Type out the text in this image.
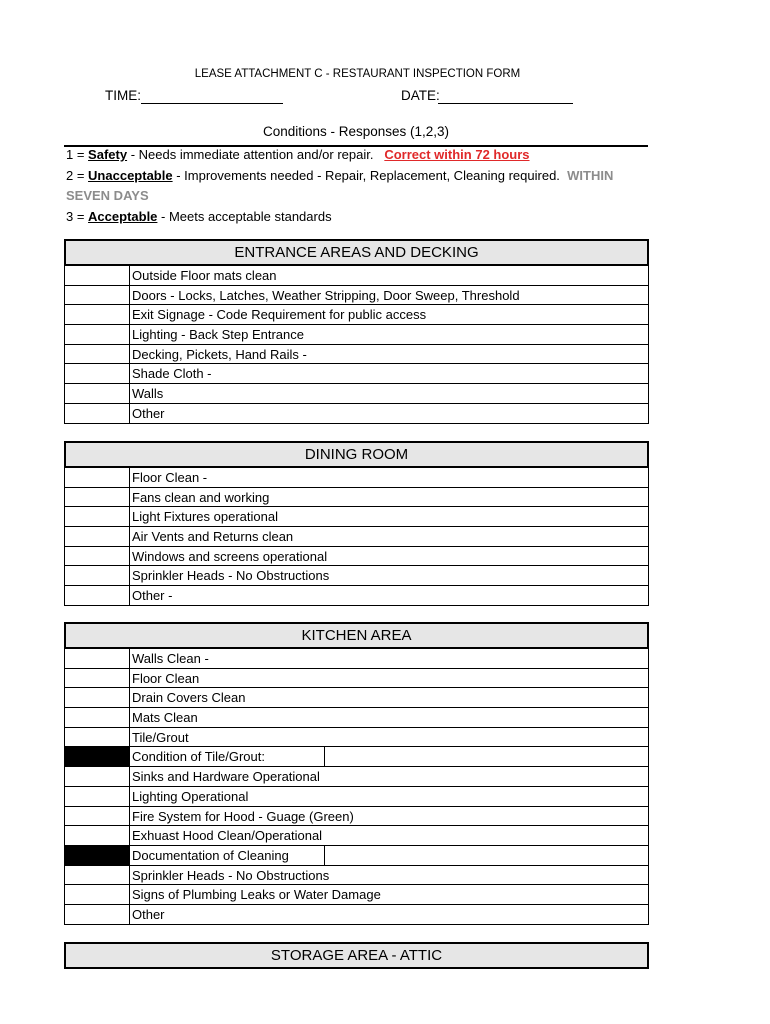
LEASE ATTACHMENT C - RESTAURANT INSPECTION FORM
TIME:	DATE:
Conditions - Responses (1,2,3)
1 = Safety - Needs immediate attention and/or repair.   Correct within 72 hours
2 = Unacceptable - Improvements needed - Repair, Replacement, Cleaning required.  WITHIN
SEVEN DAYS
3 = Acceptable - Meets acceptable standards
ENTRANCE AREAS AND DECKING
Outside Floor mats clean
Doors - Locks, Latches, Weather Stripping, Door Sweep, Threshold
Exit Signage - Code Requirement for public access
Lighting - Back Step Entrance
Decking, Pickets, Hand Rails -
Shade Cloth -
Walls
Other
DINING ROOM
Floor Clean -
Fans clean and working
Light Fixtures operational
Air Vents and Returns clean
Windows and screens operational
Sprinkler Heads - No Obstructions
Other -
KITCHEN AREA
Walls Clean -
Floor Clean
Drain Covers Clean
Mats Clean
Tile/Grout
Condition of Tile/Grout:
Sinks and Hardware Operational
Lighting Operational
Fire System for Hood - Guage (Green)
Exhuast Hood Clean/Operational
Documentation of Cleaning
Sprinkler Heads - No Obstructions
Signs of Plumbing Leaks or Water Damage
Other
STORAGE AREA - ATTIC
